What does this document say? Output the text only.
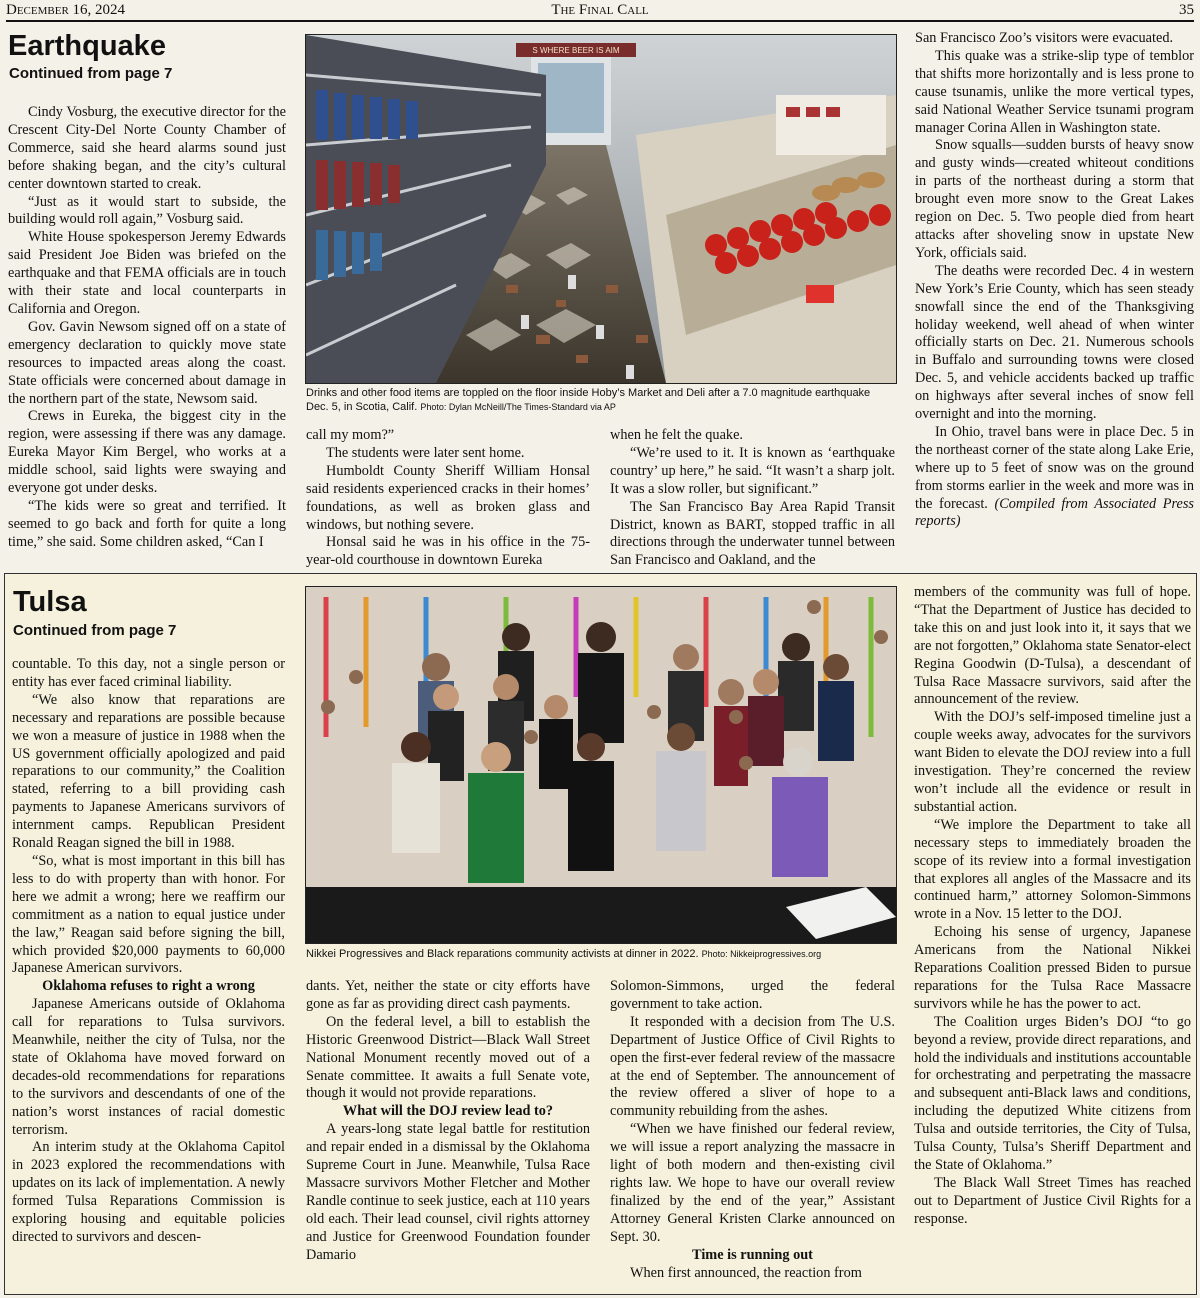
December 16, 2024	The Final Call	35
Earthquake
Continued from page 7

Cindy Vosburg, the executive director for the Crescent City-Del Norte County Chamber of Commerce, said she heard alarms sound just before shaking began, and the city’s cultural center downtown started to creak.

“Just as it would start to subside, the building would roll again,” Vosburg said.

White House spokesperson Jeremy Edwards said President Joe Biden was briefed on the earthquake and that FEMA officials are in touch with their state and local counterparts in California and Oregon.

Gov. Gavin Newsom signed off on a state of emergency declaration to quickly move state resources to impacted areas along the coast. State officials were concerned about damage in the northern part of the state, Newsom said.

Crews in Eureka, the biggest city in the region, were assessing if there was any damage. Eureka Mayor Kim Bergel, who works at a middle school, said lights were swaying and everyone got under desks.

“The kids were so great and terrified. It seemed to go back and forth for quite a long time,” she said. Some children asked, “Can I

S WHERE BEER IS AIM
Drinks and other food items are toppled on the floor inside Hoby’s Market and Deli after a 7.0 magnitude earthquake Dec. 5, in Scotia, Calif. Photo: Dylan McNeill/The Times-Standard via AP

call my mom?”

The students were later sent home.

Humboldt County Sheriff William Honsal said residents experienced cracks in their homes’ foundations, as well as broken glass and windows, but nothing severe.

Honsal said he was in his office in the 75-year-old courthouse in downtown Eureka

when he felt the quake.

“We’re used to it. It is known as ‘earthquake country’ up here,” he said. “It wasn’t a sharp jolt. It was a slow roller, but significant.”

The San Francisco Bay Area Rapid Transit District, known as BART, stopped traffic in all directions through the underwater tunnel between San Francisco and Oakland, and the

San Francisco Zoo’s visitors were evacuated.

This quake was a strike-slip type of temblor that shifts more horizontally and is less prone to cause tsunamis, unlike the more vertical types, said National Weather Service tsunami program manager Corina Allen in Washington state.

Snow squalls—sudden bursts of heavy snow and gusty winds—created whiteout conditions in parts of the northeast during a storm that brought even more snow to the Great Lakes region on Dec. 5. Two people died from heart attacks after shoveling snow in upstate New York, officials said.

The deaths were recorded Dec. 4 in western New York’s Erie County, which has seen steady snowfall since the end of the Thanksgiving holiday weekend, well ahead of when winter officially starts on Dec. 21. Numerous schools in Buffalo and surrounding towns were closed Dec. 5, and vehicle accidents backed up traffic on highways after several inches of snow fell overnight and into the morning.

In Ohio, travel bans were in place Dec. 5 in the northeast corner of the state along Lake Erie, where up to 5 feet of snow was on the ground from storms earlier in the week and more was in the forecast. (Compiled from Associated Press reports)

Tulsa
Continued from page 7

countable. To this day, not a single person or entity has ever faced criminal liability.

“We also know that reparations are necessary and reparations are possible because we won a measure of justice in 1988 when the US government officially apologized and paid reparations to our community,” the Coalition stated, referring to a bill providing cash payments to Japanese Americans survivors of internment camps. Republican President Ronald Reagan signed the bill in 1988.

“So, what is most important in this bill has less to do with property than with honor. For here we admit a wrong; here we reaffirm our commitment as a nation to equal justice under the law,” Reagan said before signing the bill, which provided $20,000 payments to 60,000 Japanese American survivors.

Oklahoma refuses to right a wrong

Japanese Americans outside of Oklahoma call for reparations to Tulsa survivors. Meanwhile, neither the city of Tulsa, nor the state of Oklahoma have moved forward on decades-old recommendations for reparations to the survivors and descendants of one of the nation’s worst instances of racial domestic terrorism.

An interim study at the Oklahoma Capitol in 2023 explored the recommendations with updates on its lack of implementation. A newly formed Tulsa Reparations Commission is exploring housing and equitable policies directed to survivors and descen-

Nikkei Progressives and Black reparations community activists at dinner in 2022. Photo: Nikkeiprogressives.org

dants. Yet, neither the state or city efforts have gone as far as providing direct cash payments.

On the federal level, a bill to establish the Historic Greenwood District—Black Wall Street National Monument recently moved out of a Senate committee. It awaits a full Senate vote, though it would not provide reparations.

What will the DOJ review lead to?

A years-long state legal battle for restitution and repair ended in a dismissal by the Oklahoma Supreme Court in June. Meanwhile, Tulsa Race Massacre survivors Mother Fletcher and Mother Randle continue to seek justice, each at 110 years old each. Their lead counsel, civil rights attorney and Justice for Greenwood Foundation founder Damario

Solomon-Simmons, urged the federal government to take action.

It responded with a decision from The U.S. Department of Justice Office of Civil Rights to open the first-ever federal review of the massacre at the end of September. The announcement of the review offered a sliver of hope to a community rebuilding from the ashes.

“When we have finished our federal review, we will issue a report analyzing the massacre in light of both modern and then-existing civil rights law. We hope to have our overall review finalized by the end of the year,” Assistant Attorney General Kristen Clarke announced on Sept. 30.

Time is running out

When first announced, the reaction from

members of the community was full of hope. “That the Department of Justice has decided to take this on and just look into it, it says that we are not forgotten,” Oklahoma state Senator-elect Regina Goodwin (D-Tulsa), a descendant of Tulsa Race Massacre survivors, said after the announcement of the review.

With the DOJ’s self-imposed timeline just a couple weeks away, advocates for the survivors want Biden to elevate the DOJ review into a full investigation. They’re concerned the review won’t include all the evidence or result in substantial action.

“We implore the Department to take all necessary steps to immediately broaden the scope of its review into a formal investigation that explores all angles of the Massacre and its continued harm,” attorney Solomon-Simmons wrote in a Nov. 15 letter to the DOJ.

Echoing his sense of urgency, Japanese Americans from the National Nikkei Reparations Coalition pressed Biden to pursue reparations for the Tulsa Race Massacre survivors while he has the power to act.

The Coalition urges Biden’s DOJ “to go beyond a review, provide direct reparations, and hold the individuals and institutions accountable for orchestrating and perpetrating the massacre and subsequent anti-Black laws and conditions, including the deputized White citizens from Tulsa and outside territories, the City of Tulsa, Tulsa County, Tulsa’s Sheriff Department and the State of Oklahoma.”

The Black Wall Street Times has reached out to Department of Justice Civil Rights for a response.
